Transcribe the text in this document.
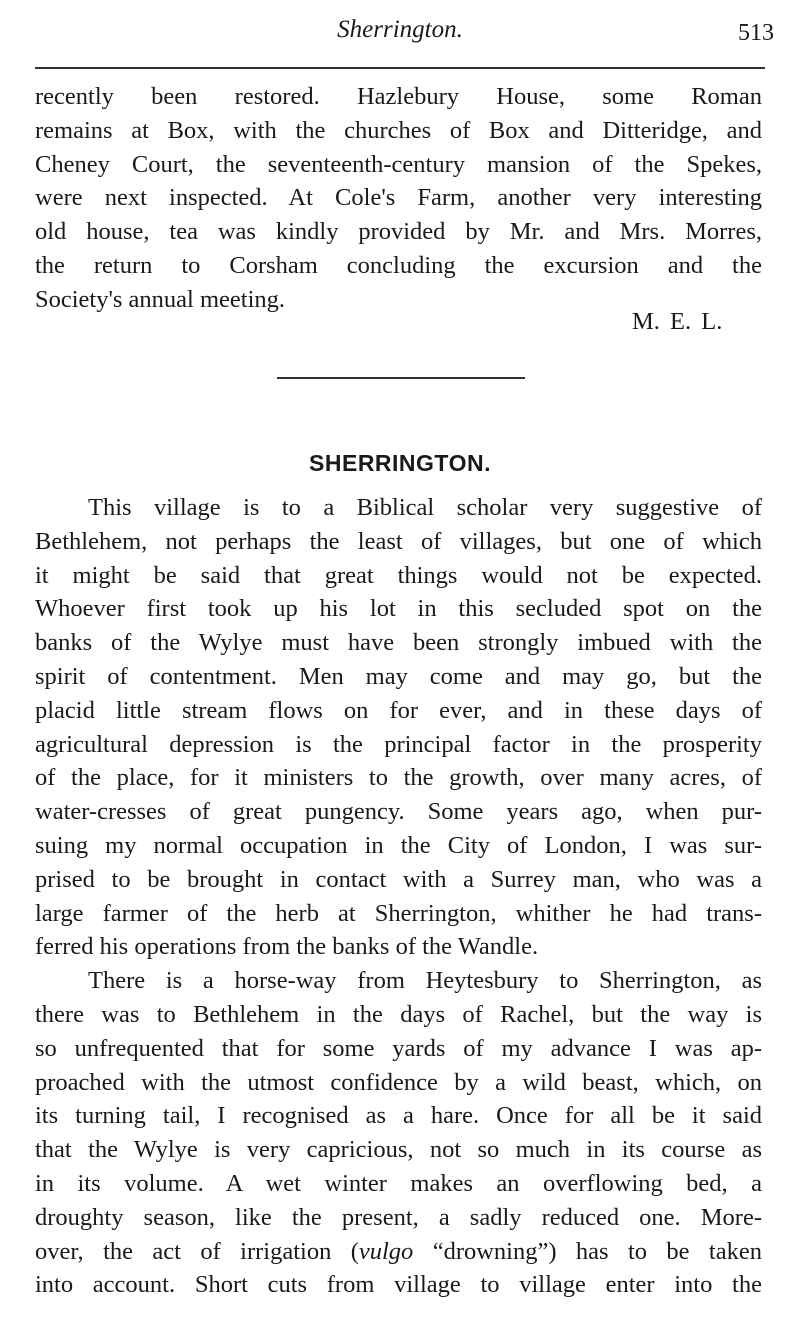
Sherrington.	513
recently been restored. Hazlebury House, some Roman
remains at Box, with the churches of Box and Ditteridge, and
Cheney Court, the seventeenth-century mansion of the Spekes,
were next inspected. At Cole's Farm, another very interesting
old house, tea was kindly provided by Mr. and Mrs. Morres,
the return to Corsham concluding the excursion and the
Society's annual meeting.
M. E. L.
SHERRINGTON.
This village is to a Biblical scholar very suggestive of
Bethlehem, not perhaps the least of villages, but one of which
it might be said that great things would not be expected.
Whoever first took up his lot in this secluded spot on the
banks of the Wylye must have been strongly imbued with the
spirit of contentment. Men may come and may go, but the
placid little stream flows on for ever, and in these days of
agricultural depression is the principal factor in the prosperity
of the place, for it ministers to the growth, over many acres, of
water-cresses of great pungency. Some years ago, when pur-
suing my normal occupation in the City of London, I was sur-
prised to be brought in contact with a Surrey man, who was a
large farmer of the herb at Sherrington, whither he had trans-
ferred his operations from the banks of the Wandle.
There is a horse-way from Heytesbury to Sherrington, as
there was to Bethlehem in the days of Rachel, but the way is
so unfrequented that for some yards of my advance I was ap-
proached with the utmost confidence by a wild beast, which, on
its turning tail, I recognised as a hare. Once for all be it said
that the Wylye is very capricious, not so much in its course as
in its volume. A wet winter makes an overflowing bed, a
droughty season, like the present, a sadly reduced one. More-
over, the act of irrigation (vulgo “drowning”) has to be taken
into account. Short cuts from village to village enter into the
